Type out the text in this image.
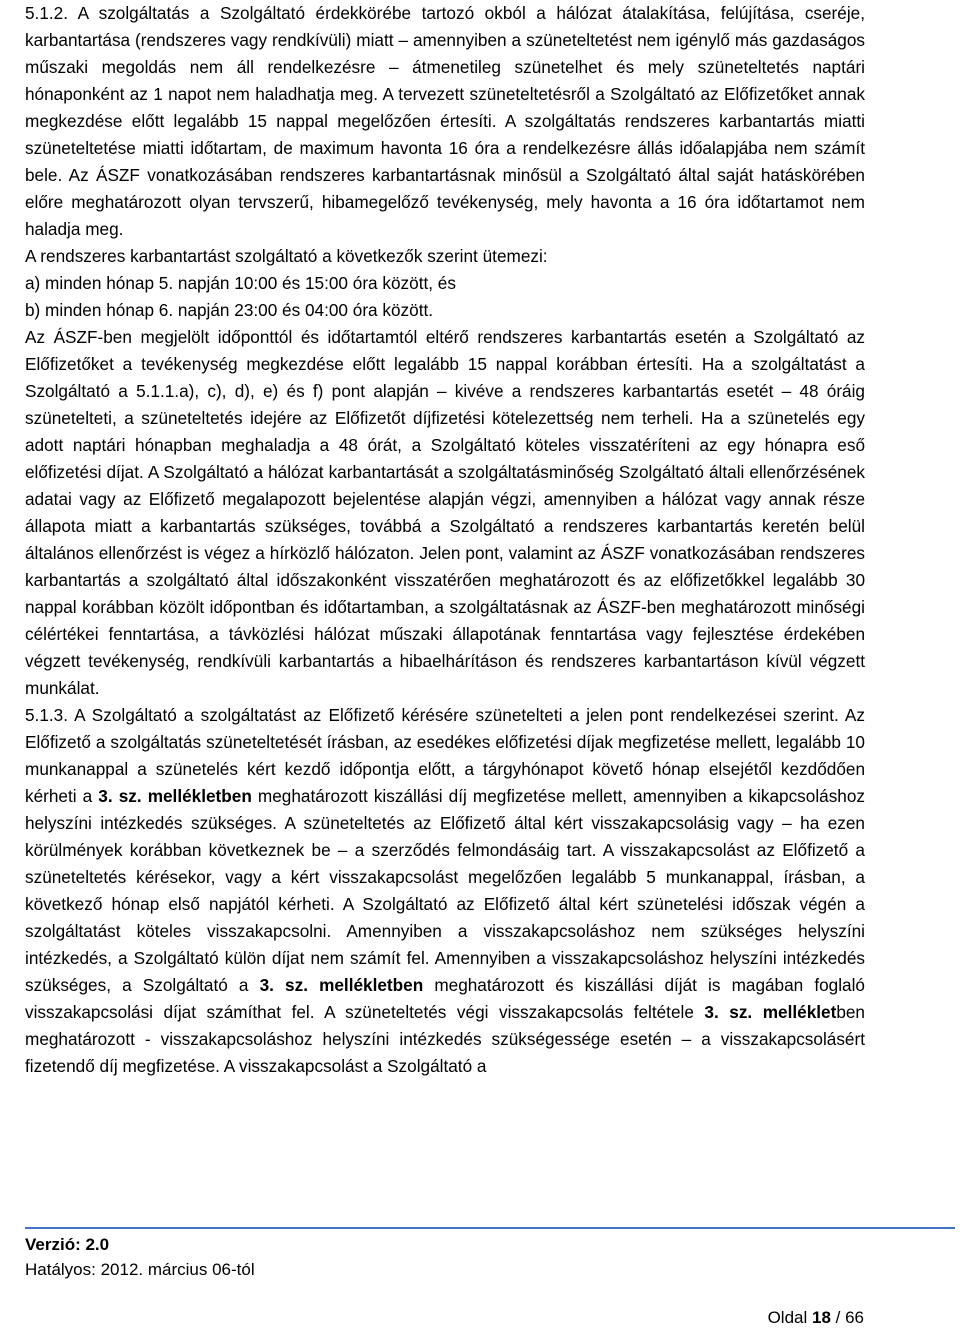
5.1.2. A szolgáltatás a Szolgáltató érdekkörébe tartozó okból a hálózat átalakítása, felújítása, cseréje, karbantartása (rendszeres vagy rendkívüli) miatt – amennyiben a szüneteltetést nem igénylő más gazdaságos műszaki megoldás nem áll rendelkezésre – átmenetileg szünetelhet és mely szüneteltetés naptári hónaponként az 1 napot nem haladhatja meg. A tervezett szüneteltetésről a Szolgáltató az Előfizetőket annak megkezdése előtt legalább 15 nappal megelőzően értesíti. A szolgáltatás rendszeres karbantartás miatti szüneteltetése miatti időtartam, de maximum havonta 16 óra a rendelkezésre állás időalapjába nem számít bele. Az ÁSZF vonatkozásában rendszeres karbantartásnak minősül a Szolgáltató által saját hatáskörében előre meghatározott olyan tervszerű, hibamegelőző tevékenység, mely havonta a 16 óra időtartamot nem haladja meg.

A rendszeres karbantartást szolgáltató a következők szerint ütemezi:

a) minden hónap 5. napján 10:00 és 15:00 óra között, és

b) minden hónap 6. napján 23:00 és 04:00 óra között.

Az ÁSZF-ben megjelölt időponttól és időtartamtól eltérő rendszeres karbantartás esetén a Szolgáltató az Előfizetőket a tevékenység megkezdése előtt legalább 15 nappal korábban értesíti. Ha a szolgáltatást a Szolgáltató a 5.1.1.a), c), d), e) és f) pont alapján – kivéve a rendszeres karbantartás esetét – 48 óráig szünetelteti, a szüneteltetés idejére az Előfizetőt díjfizetési kötelezettség nem terheli. Ha a szünetelés egy adott naptári hónapban meghaladja a 48 órát, a Szolgáltató köteles visszatéríteni az egy hónapra eső előfizetési díjat. A Szolgáltató a hálózat karbantartását a szolgáltatásminőség Szolgáltató általi ellenőrzésének adatai vagy az Előfizető megalapozott bejelentése alapján végzi, amennyiben a hálózat vagy annak része állapota miatt a karbantartás szükséges, továbbá a Szolgáltató a rendszeres karbantartás keretén belül általános ellenőrzést is végez a hírközlő hálózaton. Jelen pont, valamint az ÁSZF vonatkozásában rendszeres karbantartás a szolgáltató által időszakonként visszatérően meghatározott és az előfizetőkkel legalább 30 nappal korábban közölt időpontban és időtartamban, a szolgáltatásnak az ÁSZF-ben meghatározott minőségi célértékei fenntartása, a távközlési hálózat műszaki állapotának fenntartása vagy fejlesztése érdekében végzett tevékenység, rendkívüli karbantartás a hibaelhárításon és rendszeres karbantartáson kívül végzett munkálat.

5.1.3. A Szolgáltató a szolgáltatást az Előfizető kérésére szünetelteti a jelen pont rendelkezései szerint. Az Előfizető a szolgáltatás szüneteltetését írásban, az esedékes előfizetési díjak megfizetése mellett, legalább 10 munkanappal a szünetelés kért kezdő időpontja előtt, a tárgyhónapot követő hónap elsejétől kezdődően kérheti a 3. sz. mellékletben meghatározott kiszállási díj megfizetése mellett, amennyiben a kikapcsoláshoz helyszíni intézkedés szükséges. A szüneteltetés az Előfizető által kért visszakapcsolásig vagy – ha ezen körülmények korábban következnek be – a szerződés felmondásáig tart. A visszakapcsolást az Előfizető a szüneteltetés kérésekor, vagy a kért visszakapcsolást megelőzően legalább 5 munkanappal, írásban, a következő hónap első napjától kérheti. A Szolgáltató az Előfizető által kért szünetelési időszak végén a szolgáltatást köteles visszakapcsolni. Amennyiben a visszakapcsoláshoz nem szükséges helyszíni intézkedés, a Szolgáltató külön díjat nem számít fel. Amennyiben a visszakapcsoláshoz helyszíni intézkedés szükséges, a Szolgáltató a 3. sz. mellékletben meghatározott és kiszállási díját is magában foglaló visszakapcsolási díjat számíthat fel. A szüneteltetés végi visszakapcsolás feltétele 3. sz. mellékletben meghatározott - visszakapcsoláshoz helyszíni intézkedés szükségessége esetén – a visszakapcsolásért fizetendő díj megfizetése. A visszakapcsolást a Szolgáltató a

Verzió: 2.0
Hatályos: 2012. március 06-tól
Oldal 18 / 66
